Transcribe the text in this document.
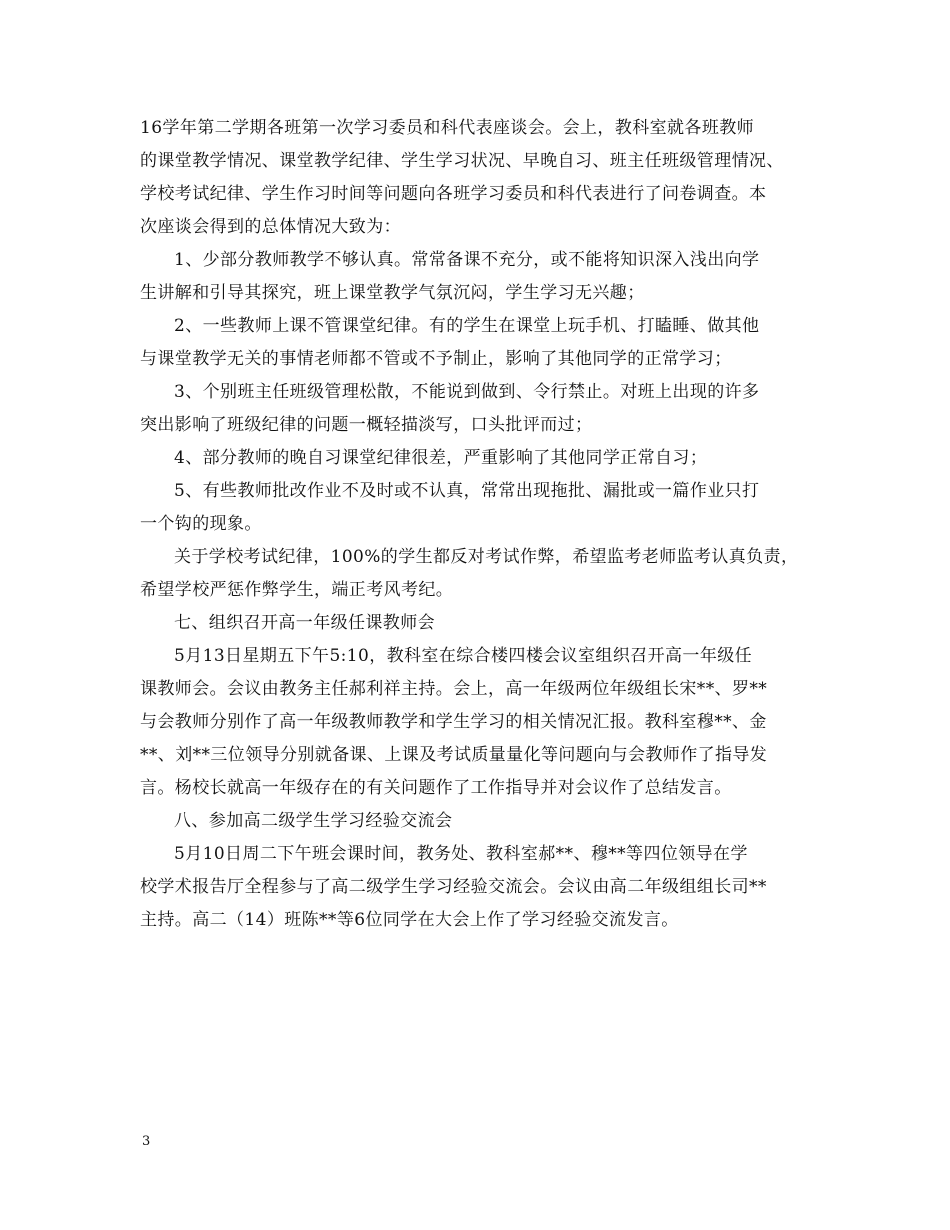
16学年第二学期各班第一次学习委员和科代表座谈会。会上，教科室就各班教师
的课堂教学情况、课堂教学纪律、学生学习状况、早晚自习、班主任班级管理情况、
学校考试纪律、学生作习时间等问题向各班学习委员和科代表进行了问卷调查。本
次座谈会得到的总体情况大致为：
1、少部分教师教学不够认真。常常备课不充分，或不能将知识深入浅出向学
生讲解和引导其探究，班上课堂教学气氛沉闷，学生学习无兴趣；
2、一些教师上课不管课堂纪律。有的学生在课堂上玩手机、打瞌睡、做其他
与课堂教学无关的事情老师都不管或不予制止，影响了其他同学的正常学习；
3、个别班主任班级管理松散，不能说到做到、令行禁止。对班上出现的许多
突出影响了班级纪律的问题一概轻描淡写，口头批评而过；
4、部分教师的晚自习课堂纪律很差，严重影响了其他同学正常自习；
5、有些教师批改作业不及时或不认真，常常出现拖批、漏批或一篇作业只打
一个钩的现象。
关于学校考试纪律，100%的学生都反对考试作弊，希望监考老师监考认真负责，
希望学校严惩作弊学生，端正考风考纪。
七、组织召开高一年级任课教师会
5月13日星期五下午5:10，教科室在综合楼四楼会议室组织召开高一年级任
课教师会。会议由教务主任郝利祥主持。会上，高一年级两位年级组长宋**、罗**
与会教师分别作了高一年级教师教学和学生学习的相关情况汇报。教科室穆**、金
**、刘**三位领导分别就备课、上课及考试质量量化等问题向与会教师作了指导发
言。杨校长就高一年级存在的有关问题作了工作指导并对会议作了总结发言。
八、参加高二级学生学习经验交流会
5月10日周二下午班会课时间，教务处、教科室郝**、穆**等四位领导在学
校学术报告厅全程参与了高二级学生学习经验交流会。会议由高二年级组组长司**
主持。高二（14）班陈**等6位同学在大会上作了学习经验交流发言。
3
